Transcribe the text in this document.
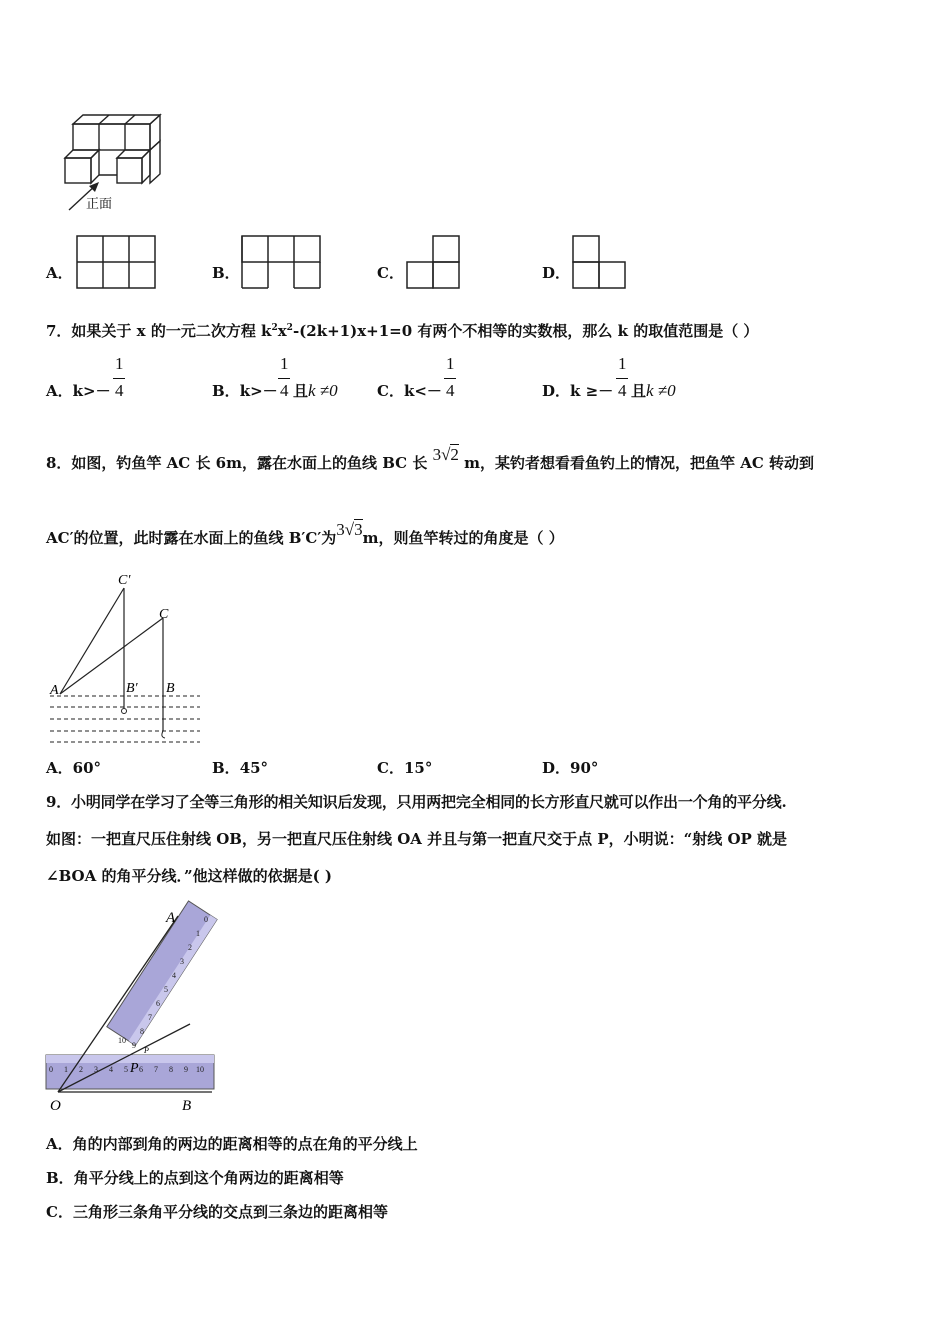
正面
A．	B．	C．	D．
7．如果关于 x 的一元二次方程 $k^2x^2-(2k+1)x+1=0$ 有两个不相等的实数根，那么 k 的取值范围是（ ）
A．k>－
1
4	B．k>－
1
4 且k ≠0	C．k<－
1
4	D．k ≥－
1
4 且k ≠0
8．如图，钓鱼竿 AC 长 6m，露在水面上的鱼线 BC 长 3√2 m，某钓者想看看鱼钓上的情况，把鱼竿 AC 转动到
AC′的位置，此时露在水面上的鱼线 B′C′为3√3m，则鱼竿转过的角度是（ ）
C′
C
A	B′ B
A．60°	B．45°	C．15°	D．90°
9．小明同学在学习了全等三角形的相关知识后发现，只用两把完全相同的长方形直尺就可以作出一个角的平分线.
如图：一把直尺压住射线 OB，另一把直尺压住射线 OA 并且与第一把直尺交于点 P，小明说：“射线 OP 就是
∠BOA 的角平分线．”他这样做的依据是( )
0 1 2 3 4 5 6 7 8 9 10
0
1
2
3
4
5
6
7
8
9
10
A
O	B
P
P
A．角的内部到角的两边的距离相等的点在角的平分线上
B．角平分线上的点到这个角两边的距离相等
C．三角形三条角平分线的交点到三条边的距离相等
